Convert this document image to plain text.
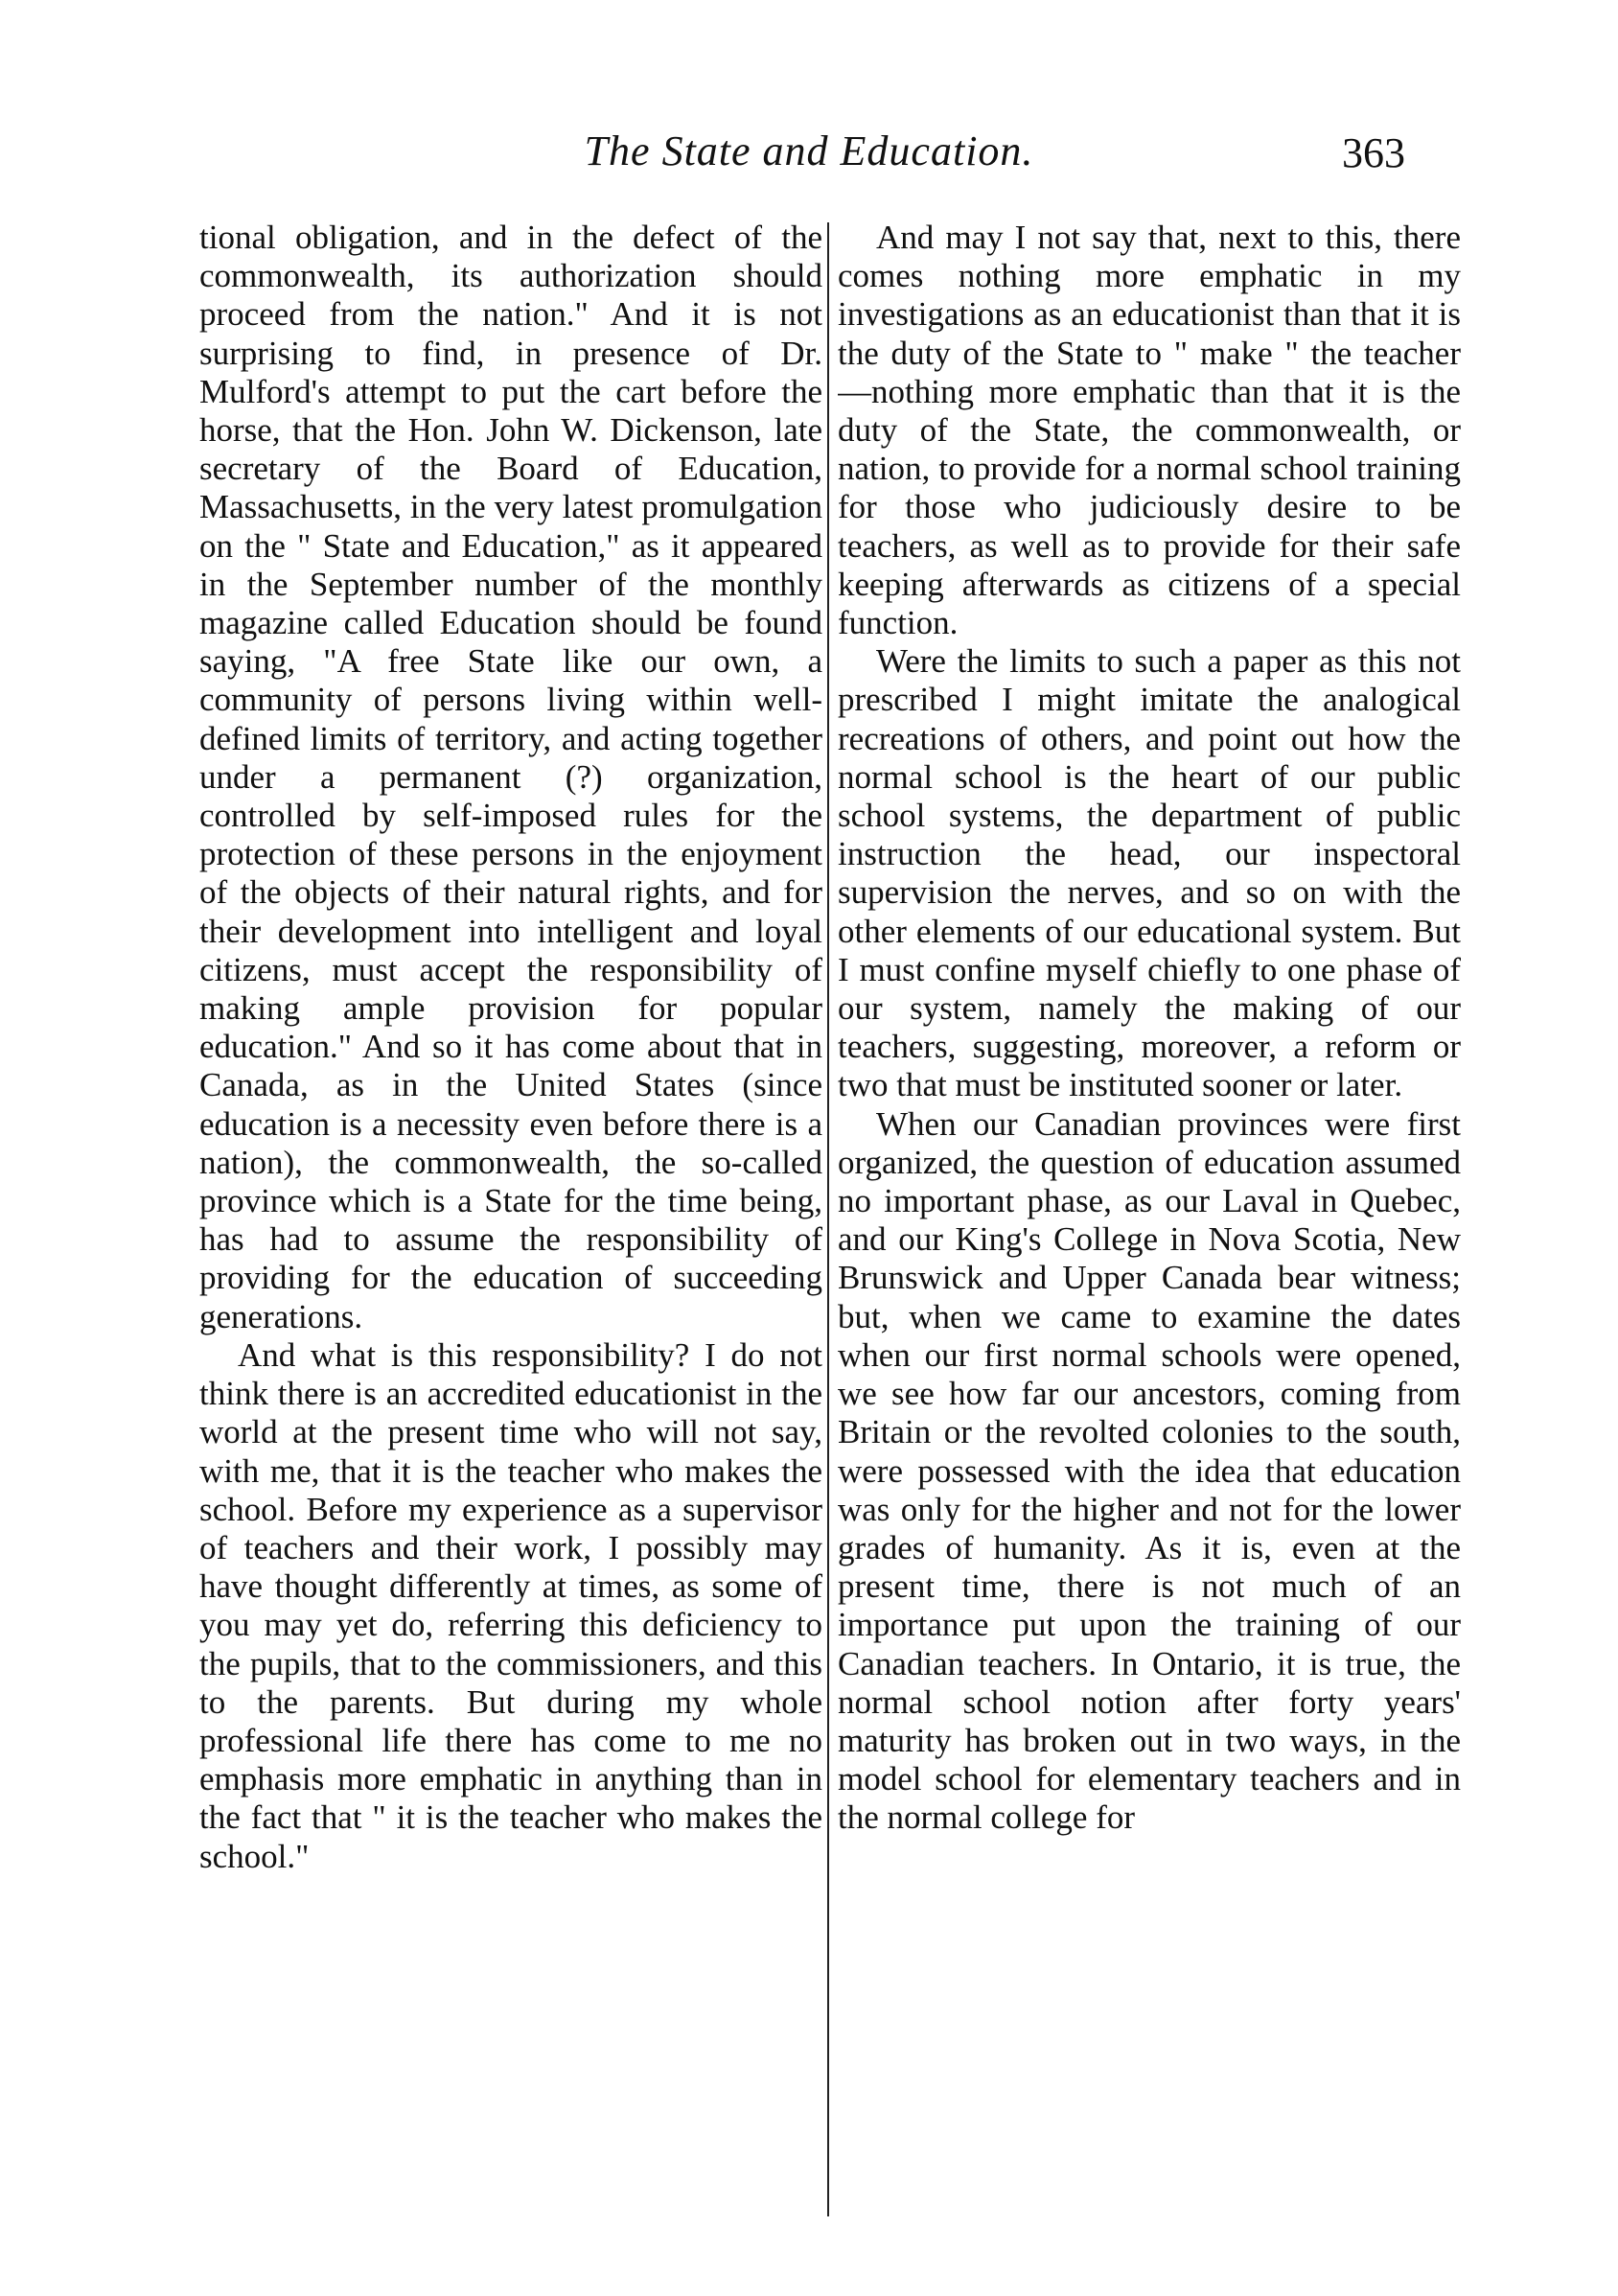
The State and Education.	363

tional obligation, and in the defect of the commonwealth, its authorization should proceed from the nation." And it is not surprising to find, in presence of Dr. Mulford's attempt to put the cart before the horse, that the Hon. John W. Dickenson, late secretary of the Board of Education, Massachusetts, in the very latest promulgation on the " State and Education," as it appeared in the September number of the monthly magazine called Education should be found saying, "A free State like our own, a community of persons living within well-defined limits of territory, and acting together under a permanent (?) organization, controlled by self-imposed rules for the protection of these persons in the enjoyment of the objects of their natural rights, and for their development into intelligent and loyal citizens, must accept the responsibility of making ample provision for popular education." And so it has come about that in Canada, as in the United States (since education is a necessity even before there is a nation), the commonwealth, the so-called province which is a State for the time being, has had to assume the responsibility of providing for the education of succeeding generations.

And what is this responsibility? I do not think there is an accredited educationist in the world at the present time who will not say, with me, that it is the teacher who makes the school. Before my experience as a supervisor of teachers and their work, I possibly may have thought differently at times, as some of you may yet do, referring this deficiency to the pupils, that to the commissioners, and this to the parents. But during my whole professional life there has come to me no emphasis more emphatic in anything than in the fact that " it is the teacher who makes the school."

And may I not say that, next to this, there comes nothing more emphatic in my investigations as an educationist than that it is the duty of the State to " make " the teacher —nothing more emphatic than that it is the duty of the State, the commonwealth, or nation, to provide for a normal school training for those who judiciously desire to be teachers, as well as to provide for their safe keeping afterwards as citizens of a special function.

Were the limits to such a paper as this not prescribed I might imitate the analogical recreations of others, and point out how the normal school is the heart of our public school systems, the department of public instruction the head, our inspectoral supervision the nerves, and so on with the other elements of our educational system. But I must confine myself chiefly to one phase of our system, namely the making of our teachers, suggesting, moreover, a reform or two that must be instituted sooner or later.

When our Canadian provinces were first organized, the question of education assumed no important phase, as our Laval in Quebec, and our King's College in Nova Scotia, New Brunswick and Upper Canada bear witness; but, when we came to examine the dates when our first normal schools were opened, we see how far our ancestors, coming from Britain or the revolted colonies to the south, were possessed with the idea that education was only for the higher and not for the lower grades of humanity. As it is, even at the present time, there is not much of an importance put upon the training of our Canadian teachers. In Ontario, it is true, the normal school notion after forty years' maturity has broken out in two ways, in the model school for elementary teachers and in the normal college for
